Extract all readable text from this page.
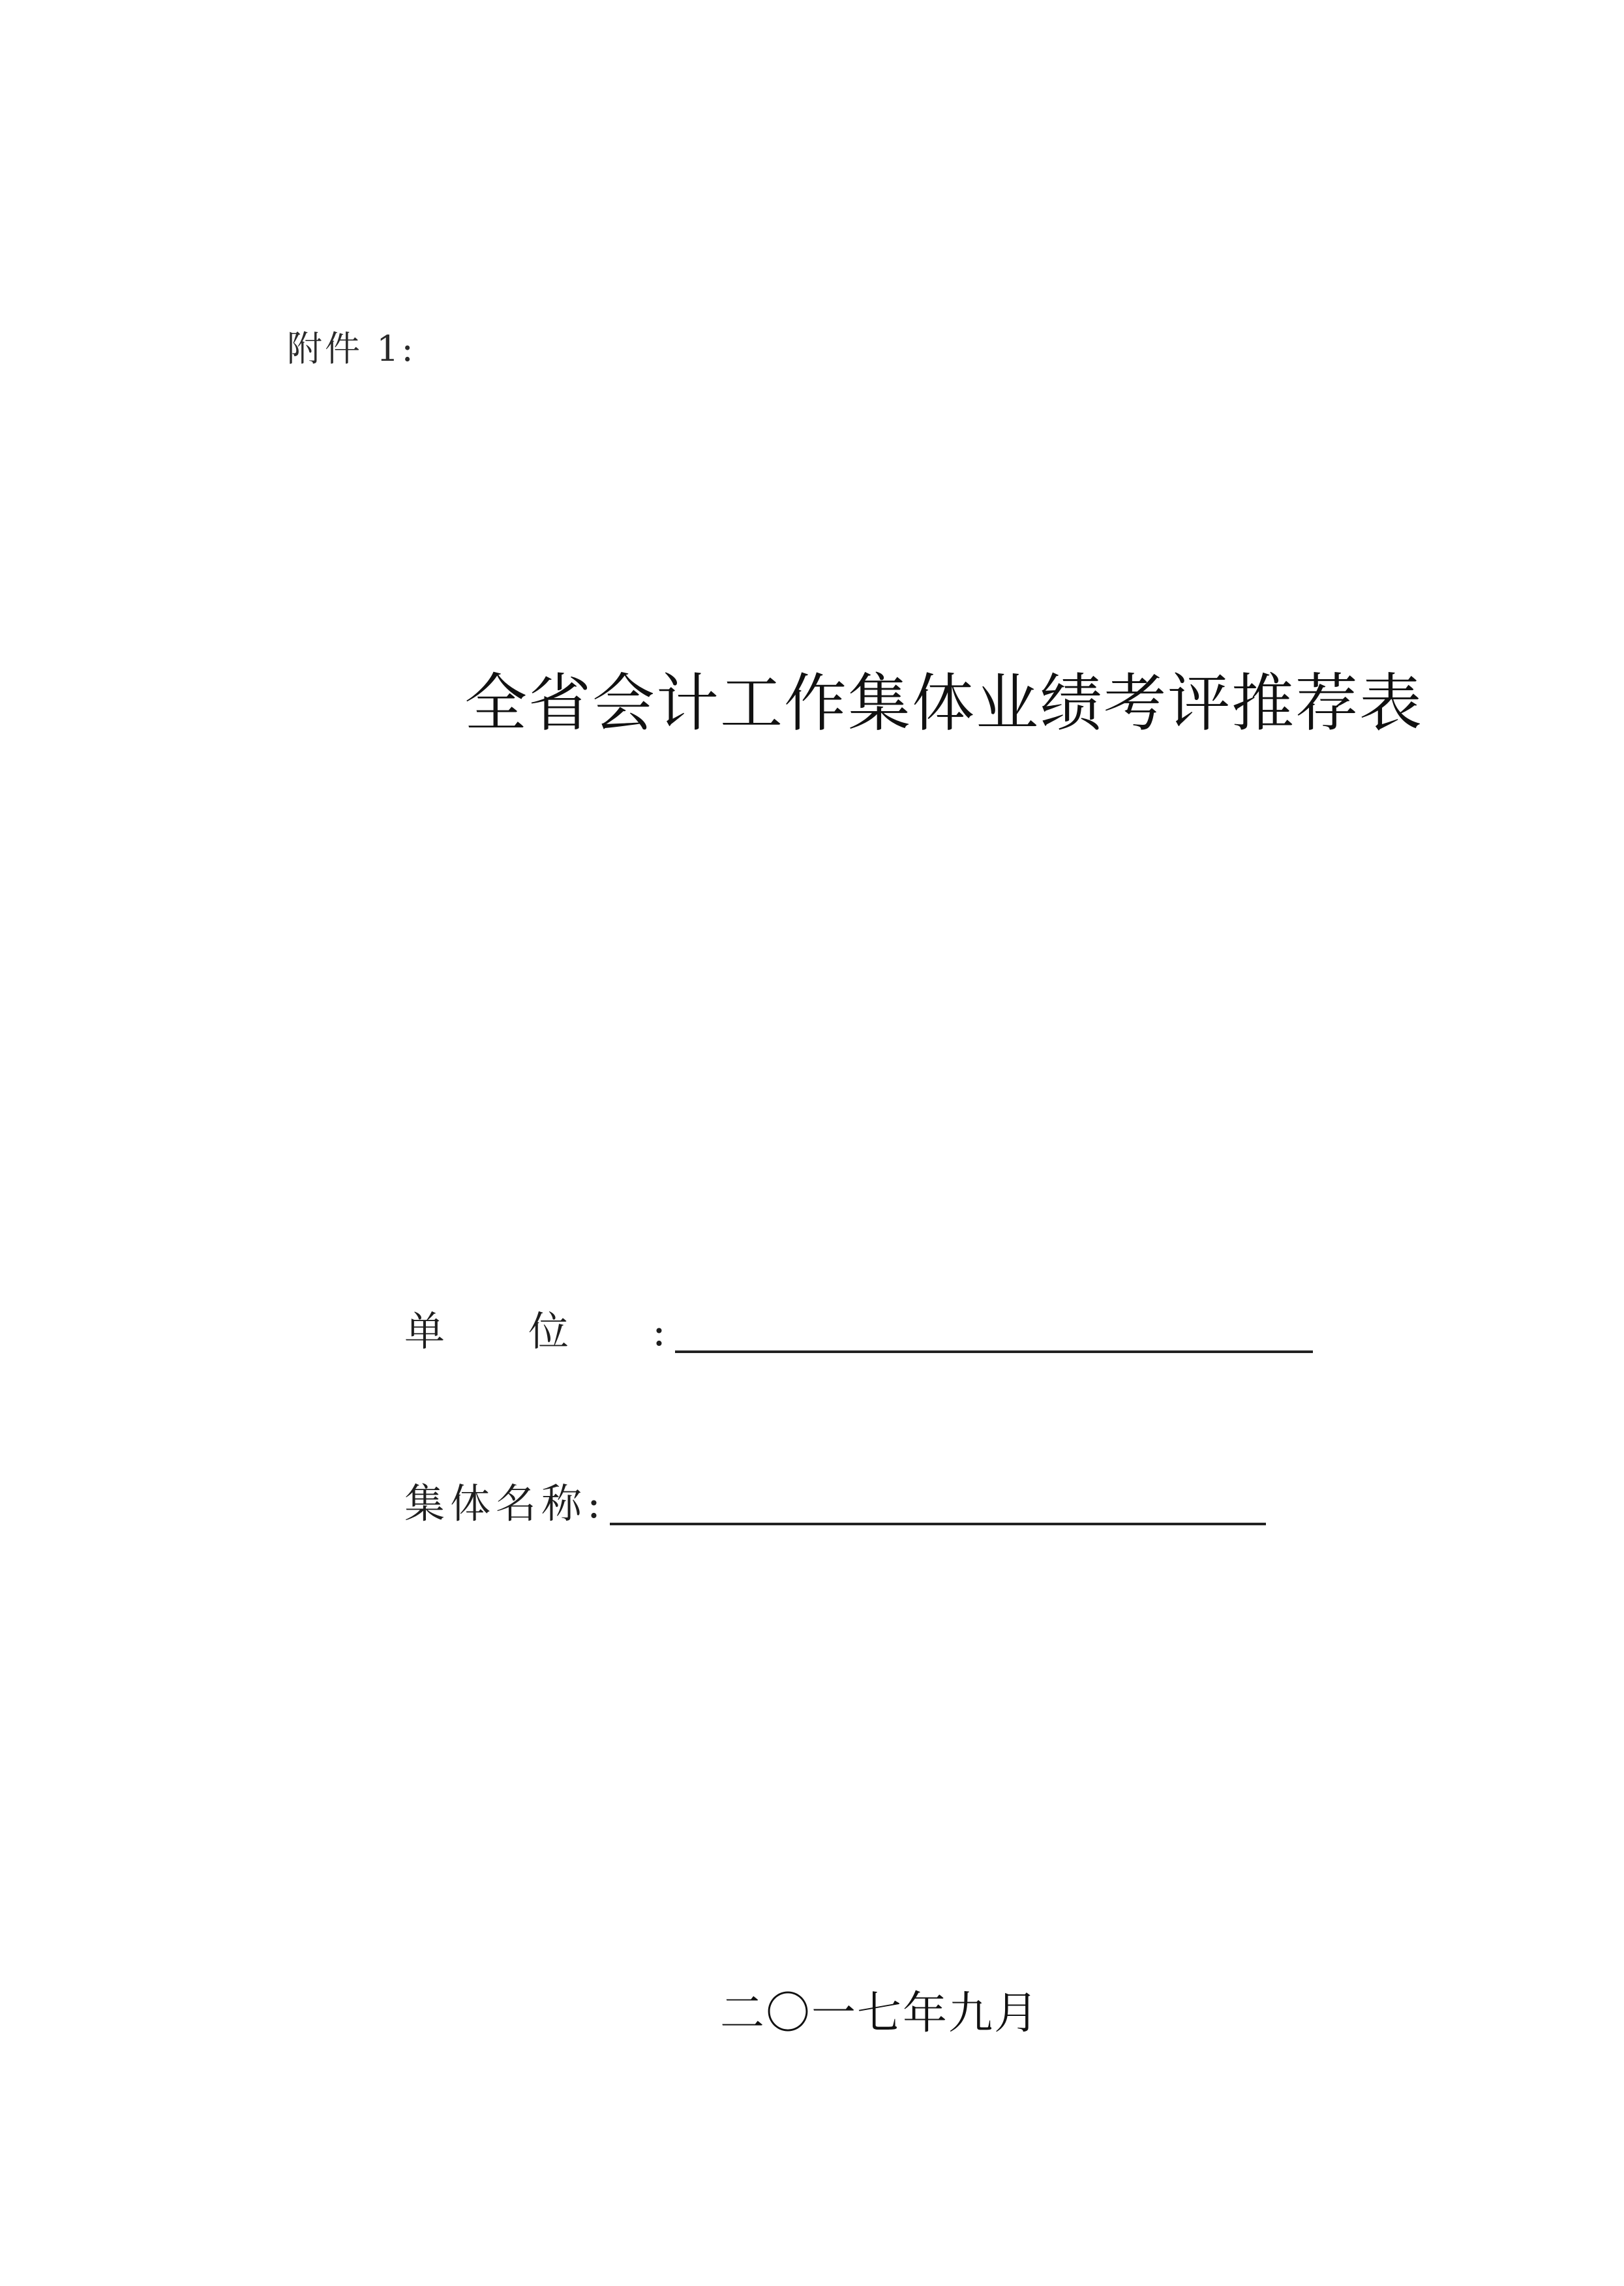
附件 1:
全省会计工作集体业绩考评推荐表
单位:
集体名称:
二〇一七年九月
